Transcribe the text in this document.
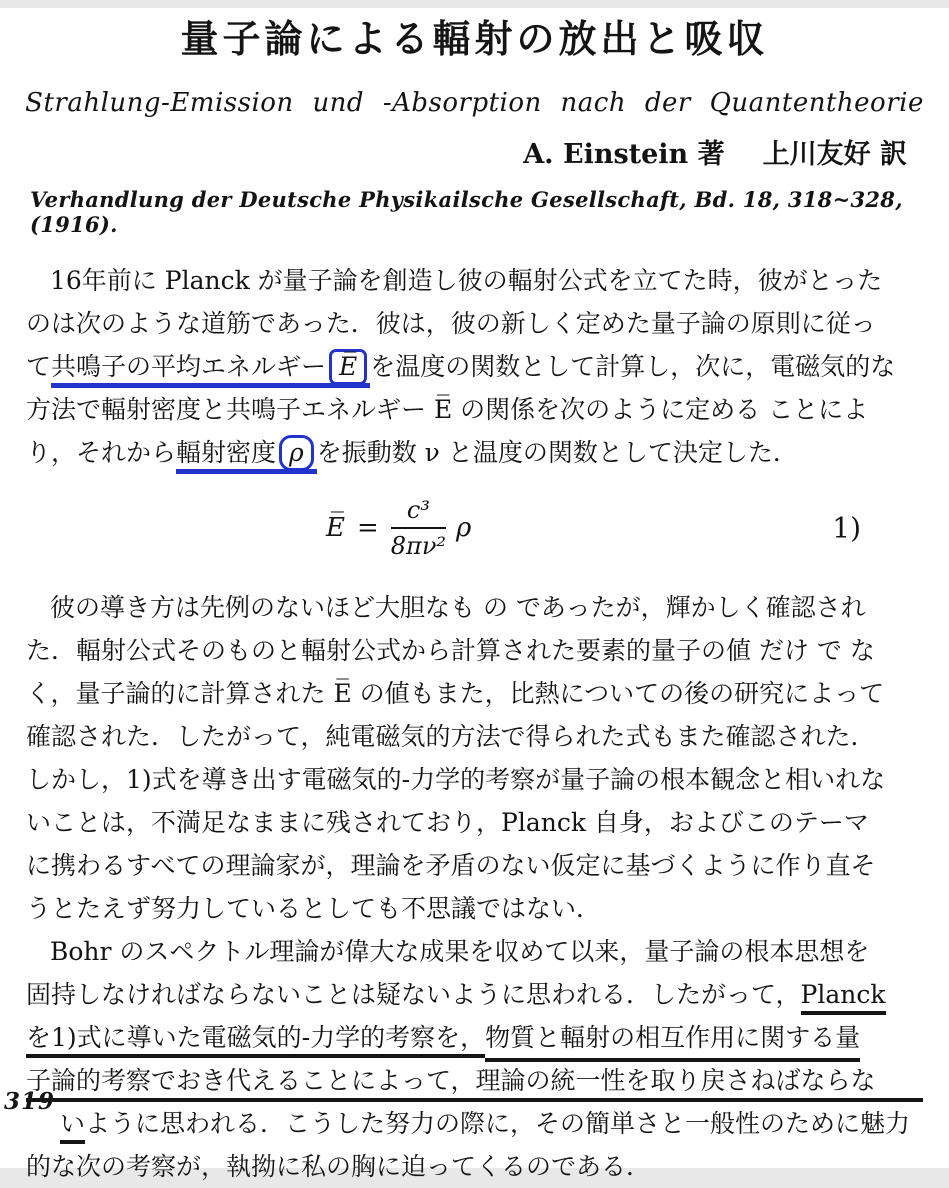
量子論による輻射の放出と吸収
Strahlung-Emission und -Absorption nach der Quantentheorie
A. Einstein 著 上川友好 訳
Verhandlung der Deutsche Physikailsche Gesellschaft, Bd. 18, 318~328, (1916).
16年前に Planck が量子論を創造し彼の輻射公式を立てた時，彼がとった
のは次のような道筋であった．彼は，彼の新しく定めた量子論の原則に従っ
て共鳴子の平均エネルギー E̅ を温度の関数として計算し，次に，電磁気的な
方法で輻射密度と共鳴子エネルギー E̅ の関係を次のように定める ことによ
り，それから輻射密度 ρ を振動数 ν と温度の関数として決定した．
E̅ = $\frac{\text{c³}}{\text{8πν²}}$ ρ	1)
彼の導き方は先例のないほど大胆なも の であったが，輝かしく確認され
た．輻射公式そのものと輻射公式から計算された要素的量子の値 だけ で な
く，量子論的に計算された E̅ の値もまた，比熱についての後の研究によって
確認された．したがって，純電磁気的方法で得られた式もまた確認された．
しかし，1)式を導き出す電磁気的-力学的考察が量子論の根本観念と相いれな
いことは，不満足なままに残されており，Planck 自身，およびこのテーマ
に携わるすべての理論家が，理論を矛盾のない仮定に基づくように作り直そ
うとたえず努力しているとしても不思議ではない．
Bohr のスペクトル理論が偉大な成果を収めて以来，量子論の根本思想を
固持しなければならないことは疑ないように思われる．したがって，Planck
を1)式に導いた電磁気的-力学的考察を，物質と輻射の相互作用に関する量
子論的考察でおき代えることによって，理論の統一性を取り戻さねばならな
いように思われる．こうした努力の際に，その簡単さと一般性のために魅力
的な次の考察が，執拗に私の胸に迫ってくるのである．
319
